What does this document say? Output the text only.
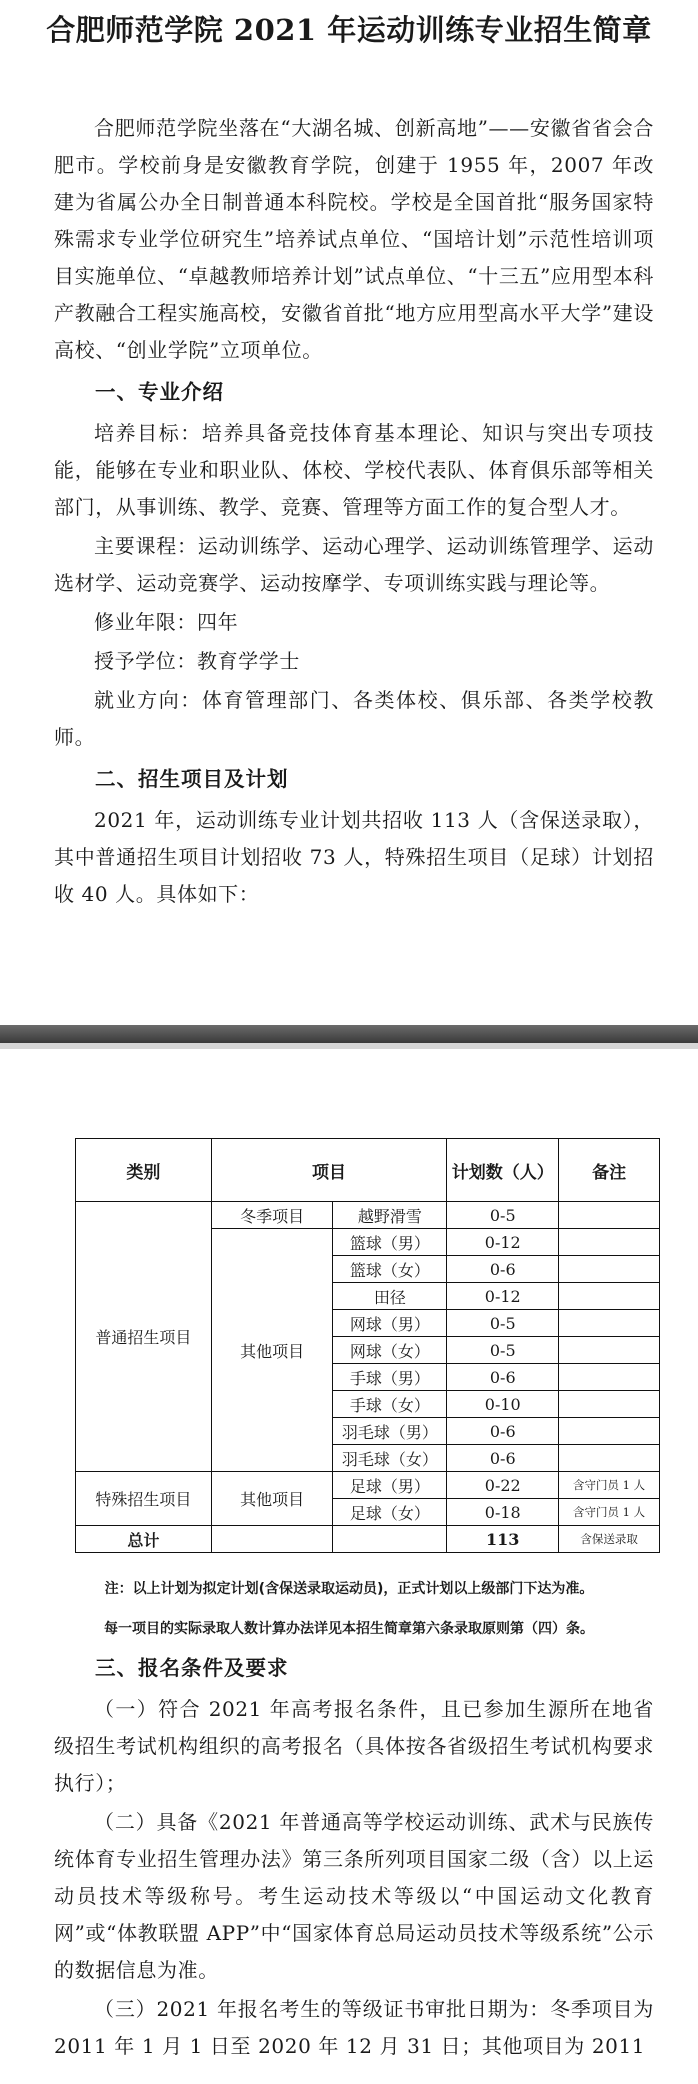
合肥师范学院 2021 年运动训练专业招生简章

合肥师范学院坐落在“大湖名城、创新高地”——安徽省省会合肥市。学校前身是安徽教育学院，创建于 1955 年，2007 年改建为省属公办全日制普通本科院校。学校是全国首批“服务国家特殊需求专业学位研究生”培养试点单位、“国培计划”示范性培训项目实施单位、“卓越教师培养计划”试点单位、“十三五”应用型本科产教融合工程实施高校，安徽省首批“地方应用型高水平大学”建设高校、“创业学院”立项单位。

一、专业介绍

培养目标：培养具备竞技体育基本理论、知识与突出专项技能，能够在专业和职业队、体校、学校代表队、体育俱乐部等相关部门，从事训练、教学、竞赛、管理等方面工作的复合型人才。

主要课程：运动训练学、运动心理学、运动训练管理学、运动选材学、运动竞赛学、运动按摩学、专项训练实践与理论等。

修业年限：四年

授予学位：教育学学士

就业方向：体育管理部门、各类体校、俱乐部、各类学校教师。

二、招生项目及计划

2021 年，运动训练专业计划共招收 113 人（含保送录取），其中普通招生项目计划招收 73 人，特殊招生项目（足球）计划招收 40 人。具体如下：

类别	项目		计划数（人）	备注
普通招生项目	冬季项目	越野滑雪	0-5	
	其他项目	篮球（男）	0-12	
		篮球（女）	0-6	
		田径	0-12	
		网球（男）	0-5	
		网球（女）	0-5	
		手球（男）	0-6	
		手球（女）	0-10	
		羽毛球（男）	0-6	
		羽毛球（女）	0-6	
特殊招生项目	其他项目	足球（男）	0-22	含守门员 1 人
		足球（女）	0-18	含守门员 1 人
总计			113	含保送录取
注：以上计划为拟定计划(含保送录取运动员)，正式计划以上级部门下达为准。
每一项目的实际录取人数计算办法详见本招生简章第六条录取原则第（四）条。
三、报名条件及要求

（一）符合 2021 年高考报名条件，且已参加生源所在地省级招生考试机构组织的高考报名（具体按各省级招生考试机构要求执行）；

（二）具备《2021 年普通高等学校运动训练、武术与民族传统体育专业招生管理办法》第三条所列项目国家二级（含）以上运动员技术等级称号。考生运动技术等级以“中国运动文化教育网”或“体教联盟 APP”中“国家体育总局运动员技术等级系统”公示的数据信息为准。

（三）2021 年报名考生的等级证书审批日期为：冬季项目为 2011 年 1 月 1 日至 2020 年 12 月 31 日；其他项目为 2011
